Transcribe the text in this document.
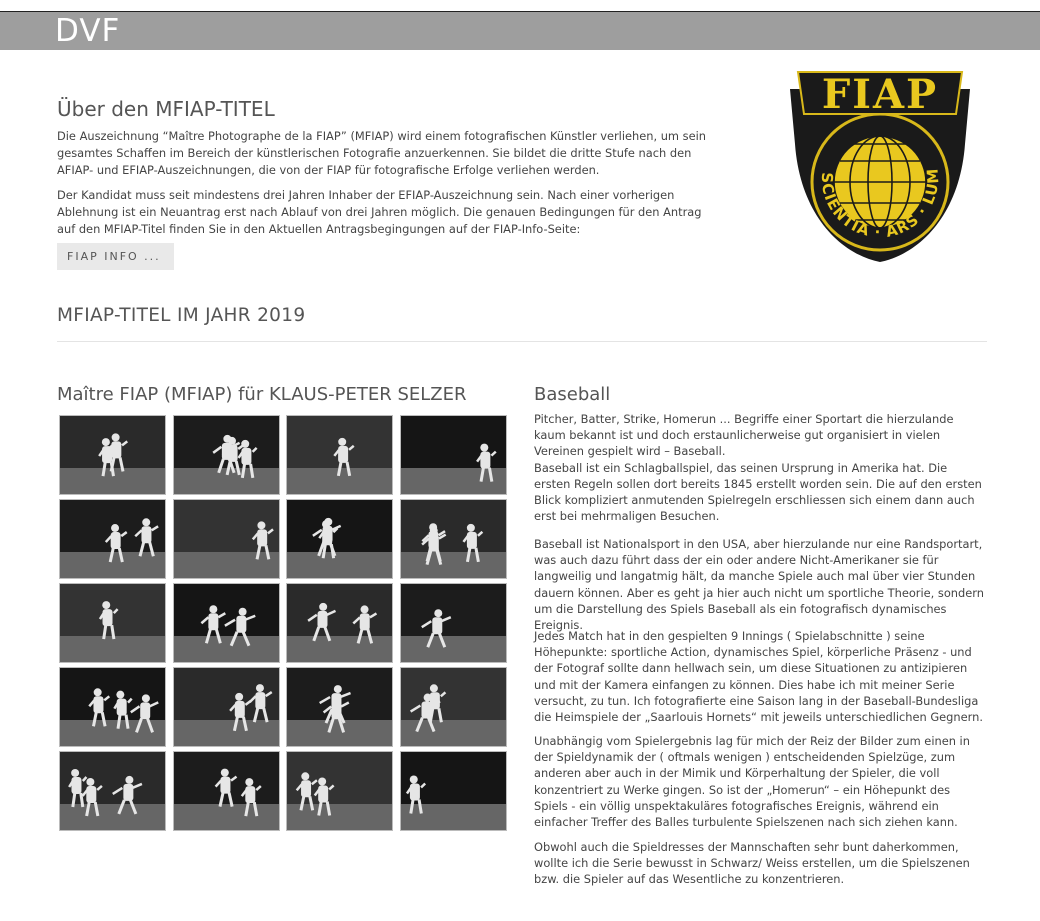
DVF
Über den MFIAP-TITEL

Die Auszeichnung “Maître Photographe de la FIAP” (MFIAP) wird einem fotografischen Künstler verliehen, um sein gesamtes Schaffen im Bereich der künstlerischen Fotografie anzuerkennen. Sie bildet die dritte Stufe nach den AFIAP- und EFIAP-Auszeichnungen, die von der FIAP für fotografische Erfolge verliehen werden.

Der Kandidat muss seit mindestens drei Jahren Inhaber der EFIAP-Auszeichnung sein. Nach einer vorherigen Ablehnung ist ein Neuantrag erst nach Ablauf von drei Jahren möglich. Die genauen Bedingungen für den Antrag auf den MFIAP-Titel finden Sie in den Aktuellen Antragsbegingungen auf der FIAP-Info-Seite:

FIAP INFO ...
FIAP
SCIENTIA · ARS · LUM
MFIAP-TITEL IM JAHR 2019
Maître FIAP (MFIAP) für KLAUS-PETER SELZER	Baseball

Pitcher, Batter, Strike, Homerun ... Begriffe einer Sportart die hierzulande kaum bekannt ist und doch erstaunlicherweise gut organisiert in vielen Vereinen gespielt wird – Baseball.
Baseball ist ein Schlagballspiel, das seinen Ursprung in Amerika hat. Die ersten Regeln sollen dort bereits 1845 erstellt worden sein. Die auf den ersten Blick kompliziert anmutenden Spielregeln erschliessen sich einem dann auch erst bei mehrmaligen Besuchen.

Baseball ist Nationalsport in den USA, aber hierzulande nur eine Randsportart, was auch dazu führt dass der ein oder andere Nicht-Amerikaner sie für langweilig und langatmig hält, da manche Spiele auch mal über vier Stunden dauern können. Aber es geht ja hier auch nicht um sportliche Theorie, sondern um die Darstellung des Spiels Baseball als ein fotografisch dynamisches Ereignis.

Jedes Match hat in den gespielten 9 Innings ( Spielabschnitte ) seine Höhepunkte: sportliche Action, dynamisches Spiel, körperliche Präsenz - und der Fotograf sollte dann hellwach sein, um diese Situationen zu antizipieren und mit der Kamera einfangen zu können. Dies habe ich mit meiner Serie versucht, zu tun. Ich fotografierte eine Saison lang in der Baseball-Bundesliga die Heimspiele der „Saarlouis Hornets“ mit jeweils unterschiedlichen Gegnern.

Unabhängig vom Spielergebnis lag für mich der Reiz der Bilder zum einen in der Spieldynamik der ( oftmals wenigen ) entscheidenden Spielzüge, zum anderen aber auch in der Mimik und Körperhaltung der Spieler, die voll konzentriert zu Werke gingen. So ist der „Homerun“ – ein Höhepunkt des Spiels - ein völlig unspektakuläres fotografisches Ereignis, während ein einfacher Treffer des Balles turbulente Spielszenen nach sich ziehen kann.

Obwohl auch die Spieldresses der Mannschaften sehr bunt daherkommen, wollte ich die Serie bewusst in Schwarz/ Weiss erstellen, um die Spielszenen bzw. die Spieler auf das Wesentliche zu konzentrieren.
